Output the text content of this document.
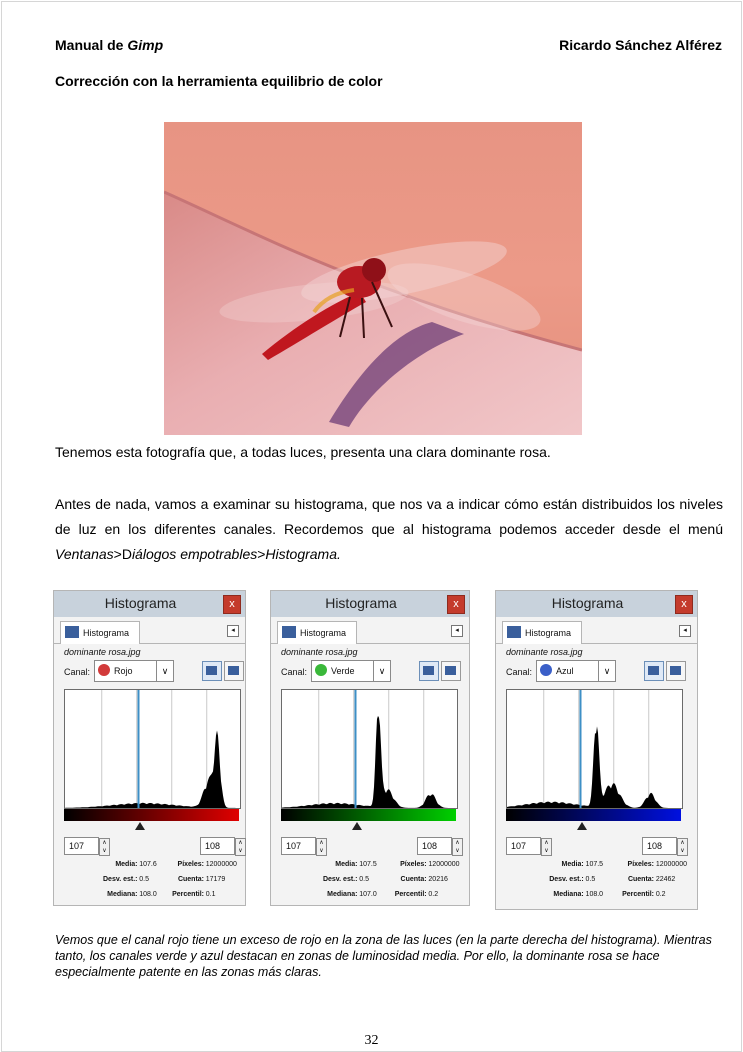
Manual de Gimp	Ricardo Sánchez Alférez
Corrección con la herramienta equilibrio de color
Tenemos esta fotografía que, a todas luces, presenta una clara dominante rosa.
Antes de nada, vamos a examinar su histograma, que nos va a indicar cómo están distribuidos los niveles de luz en los diferentes canales. Recordemos que al histograma podemos acceder desde el menú Ventanas>Diálogos empotrables>Histograma.
Histograma	x
Histograma	◂
dominante rosa.jpg
Canal:	Rojo	∨
107	∧ ∨	108	∧ ∨
Media: 107.6	Píxeles: 12000000
Desv. est.: 0.5	Cuenta: 17179
Mediana: 108.0 Percentil: 0.1
Histograma	x
Histograma	◂
dominante rosa.jpg
Canal:	Verde	∨
107	∧ ∨	108	∧ ∨
Media: 107.5	Píxeles: 12000000
Desv. est.: 0.5	Cuenta: 20216
Mediana: 107.0	Percentil: 0.2
Histograma	x
Histograma	◂
dominante rosa.jpg
Canal:	Azul	∨
107	∧ ∨	108	∧ ∨
Media: 107.5	Píxeles: 12000000
Desv. est.: 0.5	Cuenta: 22462
Mediana: 108.0	Percentil: 0.2
Vemos que el canal rojo tiene un exceso de rojo en la zona de las luces (en la parte derecha del histograma). Mientras tanto, los canales verde y azul destacan en zonas de luminosidad media. Por ello, la dominante rosa se hace especialmente patente en las zonas más claras.
32
